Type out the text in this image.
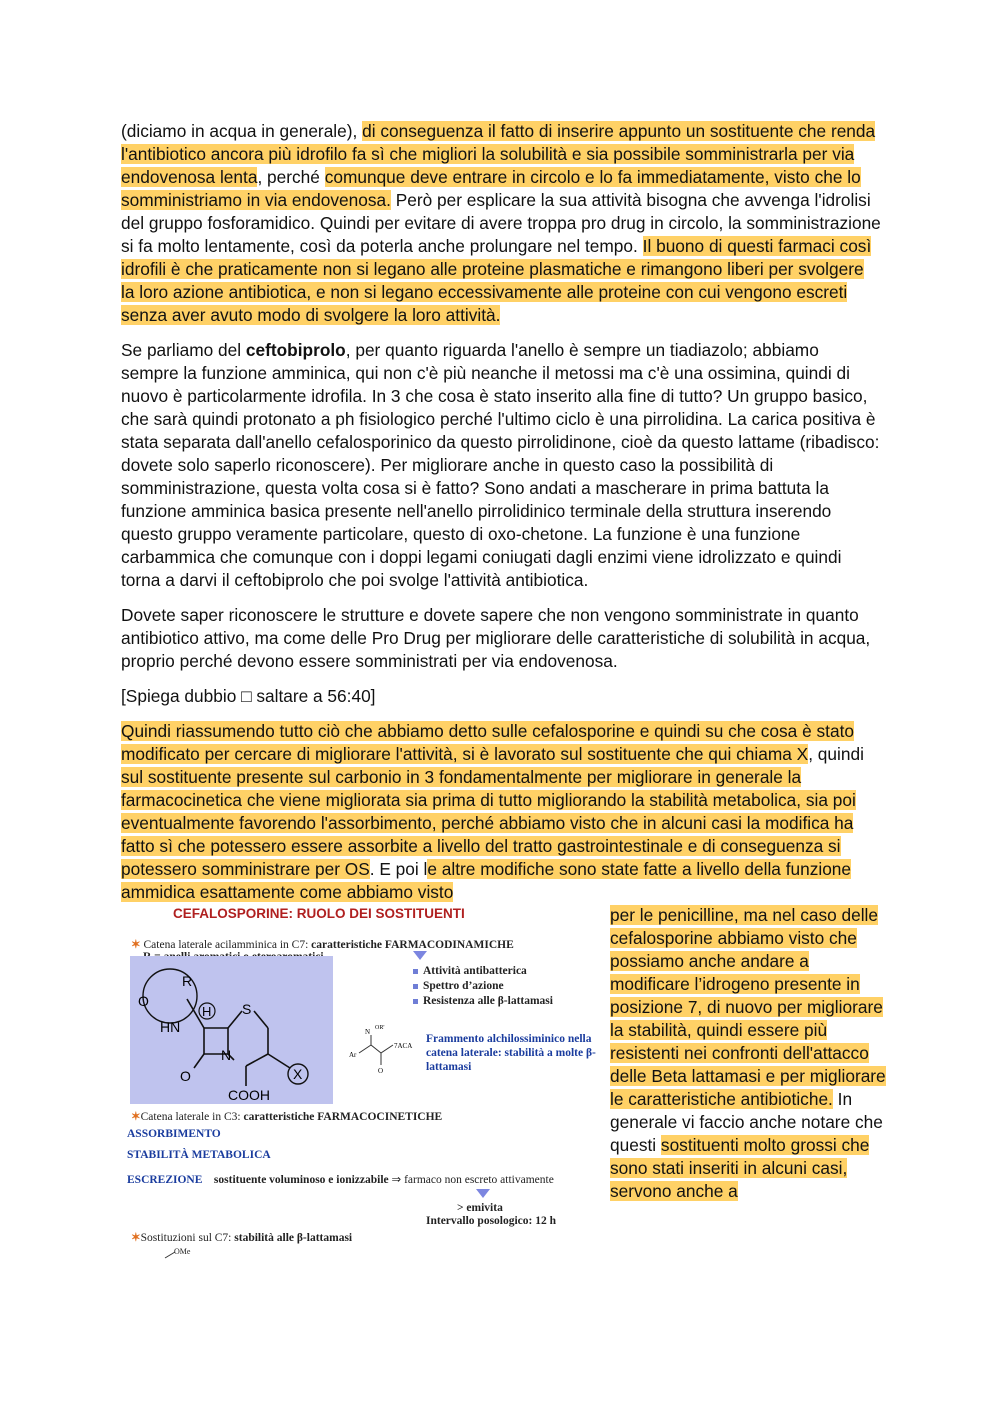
(diciamo in acqua in generale), di conseguenza il fatto di inserire appunto un sostituente che renda l'antibiotico ancora più idrofilo fa sì che migliori la solubilità e sia possibile somministrarla per via endovenosa lenta, perché comunque deve entrare in circolo e lo fa immediatamente, visto che lo somministriamo in via endovenosa. Però per esplicare la sua attività bisogna che avvenga l'idrolisi del gruppo fosforamidico. Quindi per evitare di avere troppa pro drug in circolo, la somministrazione si fa molto lentamente, così da poterla anche prolungare nel tempo. Il buono di questi farmaci così idrofili è che praticamente non si legano alle proteine plasmatiche e rimangono liberi per svolgere la loro azione antibiotica, e non si legano eccessivamente alle proteine con cui vengono escreti senza aver avuto modo di svolgere la loro attività.

Se parliamo del ceftobiprolo, per quanto riguarda l'anello è sempre un tiadiazolo; abbiamo sempre la funzione amminica, qui non c'è più neanche il metossi ma c'è una ossimina, quindi di nuovo è particolarmente idrofila. In 3 che cosa è stato inserito alla fine di tutto? Un gruppo basico, che sarà quindi protonato a ph fisiologico perché l'ultimo ciclo è una pirrolidina. La carica positiva è stata separata dall'anello cefalosporinico da questo pirrolidinone, cioè da questo lattame (ribadisco: dovete solo saperlo riconoscere). Per migliorare anche in questo caso la possibilità di somministrazione, questa volta cosa si è fatto? Sono andati a mascherare in prima battuta la funzione amminica basica presente nell'anello pirrolidinico terminale della struttura inserendo questo gruppo veramente particolare, questo di oxo-chetone. La funzione è una funzione carbammica che comunque con i doppi legami coniugati dagli enzimi viene idrolizzato e quindi torna a darvi il ceftobiprolo che poi svolge l'attività antibiotica.

Dovete saper riconoscere le strutture e dovete sapere che non vengono somministrate in quanto antibiotico attivo, ma come delle Pro Drug per migliorare delle caratteristiche di solubilità in acqua, proprio perché devono essere somministrati per via endovenosa.

[Spiega dubbio □ saltare a 56:40]

Quindi riassumendo tutto ciò che abbiamo detto sulle cefalosporine e quindi su che cosa è stato modificato per cercare di migliorare l'attività, si è lavorato sul sostituente che qui chiama X, quindi sul sostituente presente sul carbonio in 3 fondamentalmente per migliorare in generale la farmacocinetica che viene migliorata sia prima di tutto migliorando la stabilità metabolica, sia poi eventualmente favorendo l'assorbimento, perché abbiamo visto che in alcuni casi la modifica ha fatto sì che potessero essere assorbite a livello del tratto gastrointestinale e di conseguenza si potessero somministrare per OS. E poi le altre modifiche sono state fatte a livello della funzione ammidica esattamente come abbiamo visto

CEFALOSPORINE: RUOLO DEI SOSTITUENTI
✶ Catena laterale acilamminica in C7: caratteristiche FARMACODINAMICHE
R
O
HN
H S
N
O	X
COOH
Attività antibatterica
Spettro d’azione
Resistenza alle β-lattamasi
N OR'
Ar
7ACA
O
Frammento alchilossiminico nella catena laterale: stabilità a molte β-lattamasi
✶Catena laterale in C3: caratteristiche FARMACOCINETICHE
ASSORBIMENTO
STABILITÀ METABOLICA
ESCREZIONE sostituente voluminoso e ionizzabile ⇒ farmaco non escreto attivamente
> emivita
Intervallo posologico: 12 h
✶Sostituzioni sul C7: stabilità alle β-lattamasi
OMe
per le penicilline, ma nel caso delle cefalosporine abbiamo visto che possiamo anche andare a modificare l’idrogeno presente in posizione 7, di nuovo per migliorare la stabilità, quindi essere più resistenti nei confronti dell'attacco delle Beta lattamasi e per migliorare le caratteristiche antibiotiche. In generale vi faccio anche notare che questi sostituenti molto grossi che sono stati inseriti in alcuni casi, servono anche a
